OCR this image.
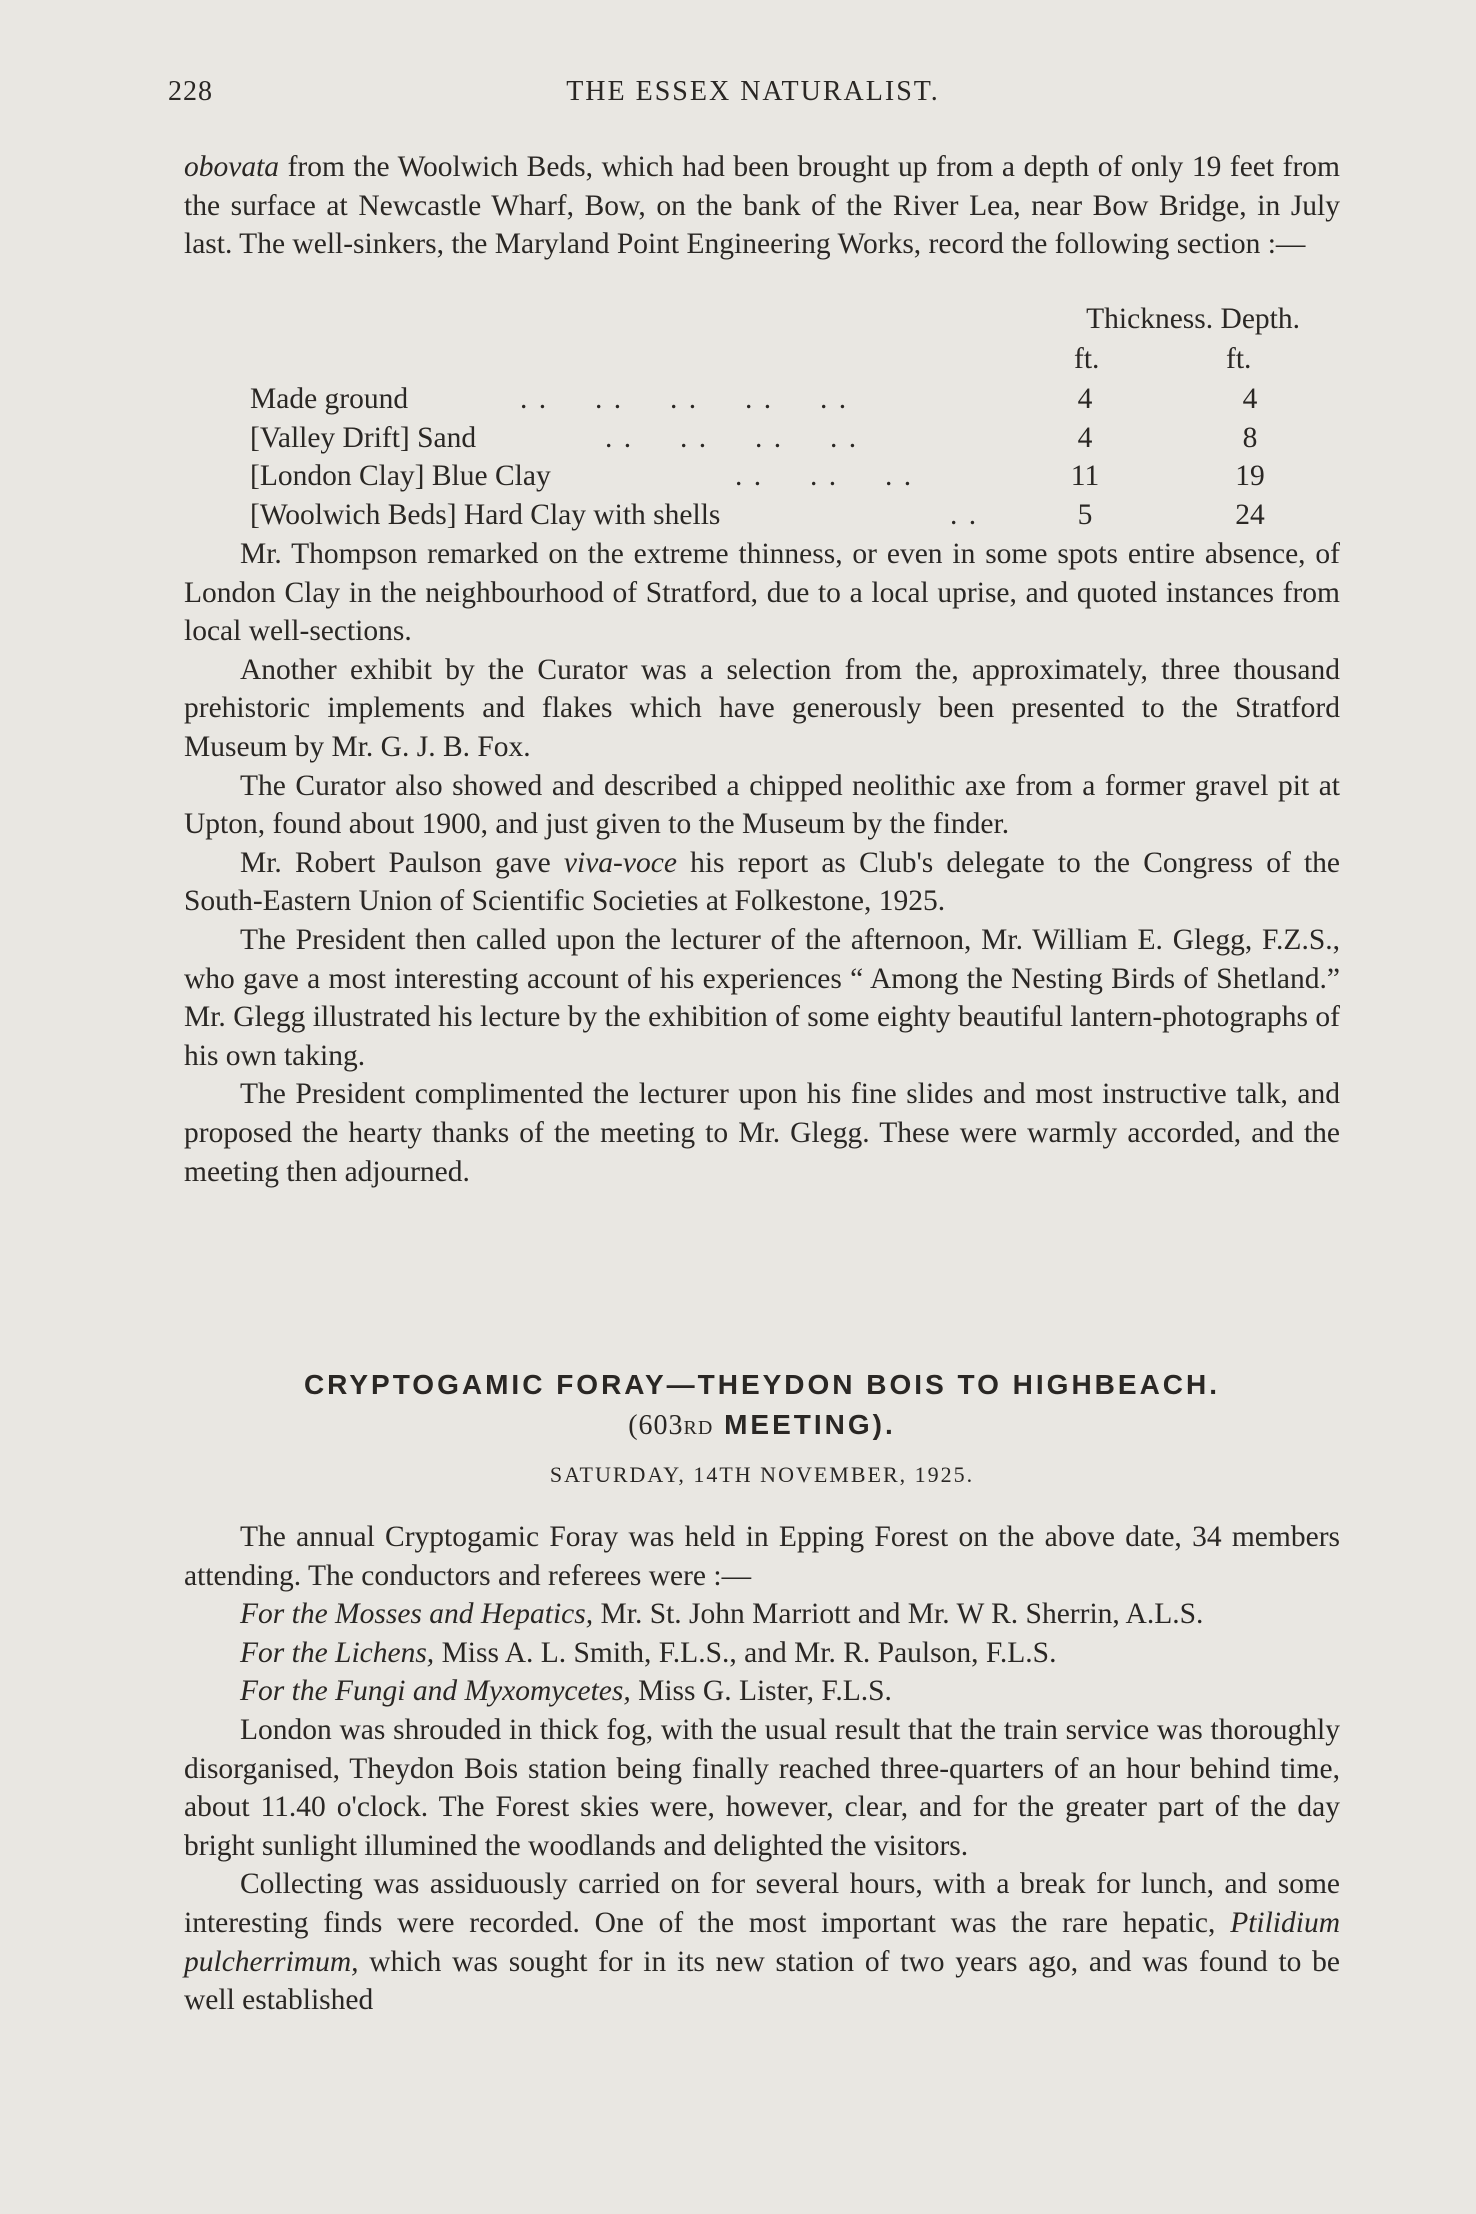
228	THE ESSEX NATURALIST.

obovata from the Woolwich Beds, which had been brought up from a depth of only 19 feet from the surface at Newcastle Wharf, Bow, on the bank of the River Lea, near Bow Bridge, in July last. The well-sinkers, the Maryland Point Engineering Works, record the following section :—

Thickness. Depth.
ft.	ft.
Made ground	. .     . .     . .     . .     . .	4	4
[Valley Drift] Sand	. .     . .     . .     . .	4	8
[London Clay] Blue Clay	. .     . .     . .	11	19
[Woolwich Beds] Hard Clay with shells	. .	5	24

Mr. Thompson remarked on the extreme thinness, or even in some spots entire absence, of London Clay in the neighbourhood of Stratford, due to a local uprise, and quoted instances from local well-sections.

Another exhibit by the Curator was a selection from the, approximately, three thousand prehistoric implements and flakes which have generously been presented to the Stratford Museum by Mr. G. J. B. Fox.

The Curator also showed and described a chipped neolithic axe from a former gravel pit at Upton, found about 1900, and just given to the Museum by the finder.

Mr. Robert Paulson gave viva-voce his report as Club's delegate to the Congress of the South-Eastern Union of Scientific Societies at Folkestone, 1925.

The President then called upon the lecturer of the afternoon, Mr. William E. Glegg, F.Z.S., who gave a most interesting account of his experiences “ Among the Nesting Birds of Shetland.” Mr. Glegg illustrated his lecture by the exhibition of some eighty beautiful lantern-photographs of his own taking.

The President complimented the lecturer upon his fine slides and most instructive talk, and proposed the hearty thanks of the meeting to Mr. Glegg. These were warmly accorded, and the meeting then adjourned.

CRYPTOGAMIC FORAY—THEYDON BOIS TO HIGHBEACH.
(603RD MEETING).
SATURDAY, 14TH NOVEMBER, 1925.

The annual Cryptogamic Foray was held in Epping Forest on the above date, 34 members attending. The conductors and referees were :—

For the Mosses and Hepatics, Mr. St. John Marriott and Mr. W R. Sherrin, A.L.S.

For the Lichens, Miss A. L. Smith, F.L.S., and Mr. R. Paulson, F.L.S.

For the Fungi and Myxomycetes, Miss G. Lister, F.L.S.

London was shrouded in thick fog, with the usual result that the train service was thoroughly disorganised, Theydon Bois station being finally reached three-quarters of an hour behind time, about 11.40 o'clock. The Forest skies were, however, clear, and for the greater part of the day bright sunlight illumined the woodlands and delighted the visitors.

Collecting was assiduously carried on for several hours, with a break for lunch, and some interesting finds were recorded. One of the most important was the rare hepatic, Ptilidium pulcherrimum, which was sought for in its new station of two years ago, and was found to be well established
